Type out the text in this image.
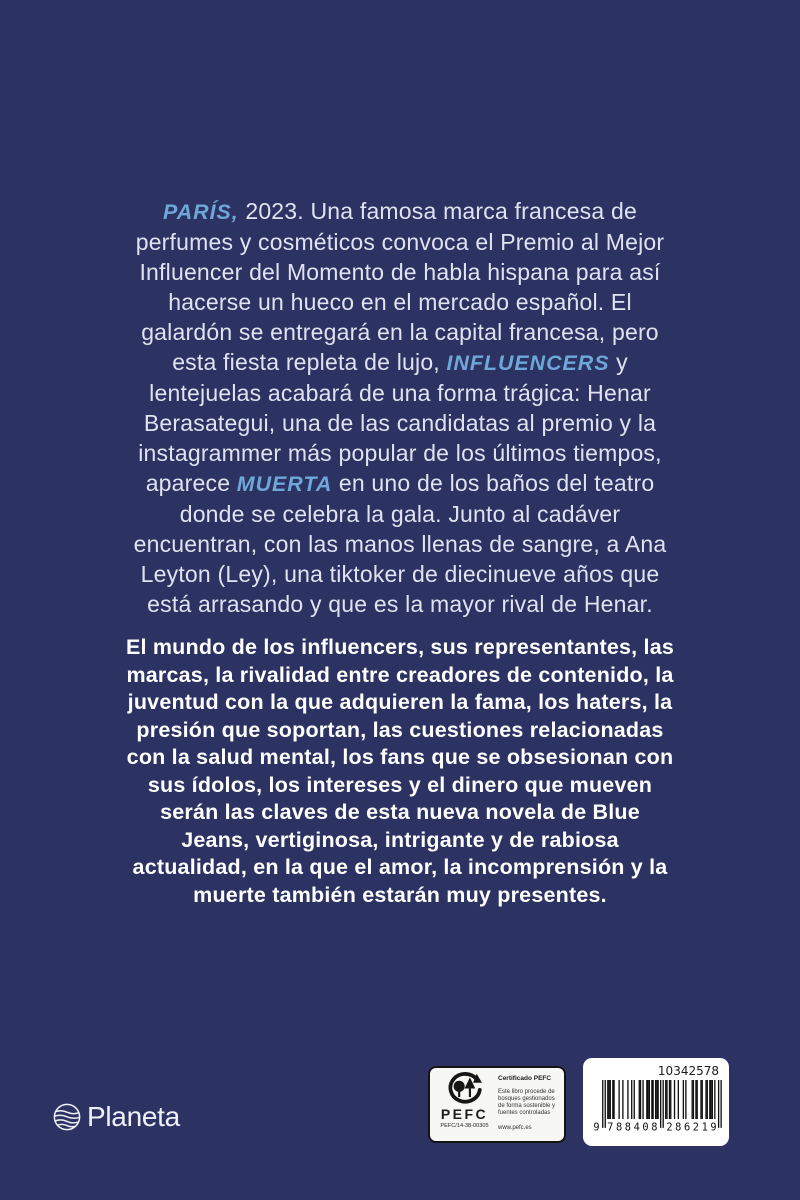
PARÍS, 2023. Una famosa marca francesa de perfumes y cosméticos convoca el Premio al Mejor Influencer del Momento de habla hispana para así hacerse un hueco en el mercado español. El galardón se entregará en la capital francesa, pero esta fiesta repleta de lujo, INFLUENCERS y lentejuelas acabará de una forma trágica: Henar Berasategui, una de las candidatas al premio y la instagrammer más popular de los últimos tiempos, aparece MUERTA en uno de los baños del teatro donde se celebra la gala. Junto al cadáver encuentran, con las manos llenas de sangre, a Ana Leyton (Ley), una tiktoker de diecinueve años que está arrasando y que es la mayor rival de Henar.

El mundo de los influencers, sus representantes, las marcas, la rivalidad entre creadores de contenido, la juventud con la que adquieren la fama, los haters, la presión que soportan, las cuestiones relacionadas con la salud mental, los fans que se obsesionan con sus ídolos, los intereses y el dinero que mueven serán las claves de esta nueva novela de Blue Jeans, vertiginosa, intrigante y de rabiosa actualidad, en la que el amor, la incomprensión y la muerte también estarán muy presentes.

Planeta	PEFC
PEFC/14-38-00305
Certificado PEFC
Este libro procede de bosques gestionados de forma sostenible y fuentes controladas
www.pefc.es
10342578
9 7	2
8	8
8	6
4	2
0	1
8	9
